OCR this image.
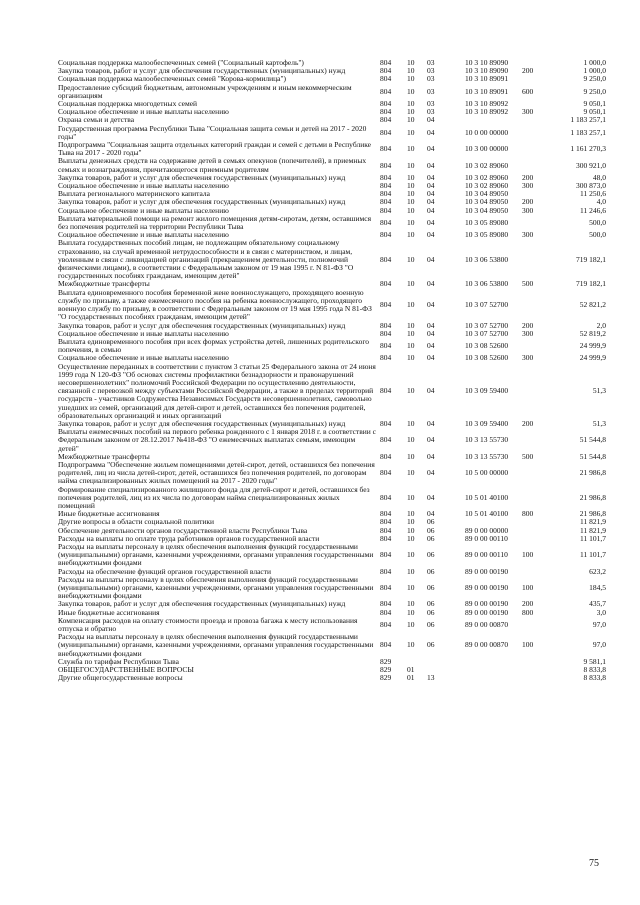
Социальная поддержка малообеспеченных семей ("Социальный картофель")	804	10	03	10 3 10 89090		1 000,0
Закупка товаров, работ и услуг для обеспечения государственных (муниципальных) нужд	804	10	03	10 3 10 89090	200	1 000,0
Социальная поддержка малообеспеченных семей "Корова-кормилица")	804	10	03	10 3 10 89091		9 250,0
Предоставление субсидий бюджетным, автономным учреждениям и иным некоммерческим организациям	804	10	03	10 3 10 89091	600	9 250,0
Социальная поддержка многодетных семей	804	10	03	10 3 10 89092		9 050,1
Социальное обеспечение и иные выплаты населению	804	10	03	10 3 10 89092	300	9 050,1
Охрана семьи и детства	804	10	04			1 183 257,1
Государственная программа Республики Тыва "Социальная защита семьи и детей на 2017 - 2020 годы"	804	10	04	10 0 00 00000		1 183 257,1
Подпрограмма "Социальная защита отдельных категорий граждан и семей с детьми в Республике Тыва на 2017 - 2020 годы"	804	10	04	10 3 00 00000		1 161 270,3
Выплаты денежных средств на содержание детей в семьях опекунов (попечителей), в приемных семьях и вознаграждения, причитающегося приемным родителям	804	10	04	10 3 02 89060		300 921,0
Закупка товаров, работ и услуг для обеспечения государственных (муниципальных) нужд	804	10	04	10 3 02 89060	200	48,0
Социальное обеспечение и иные выплаты населению	804	10	04	10 3 02 89060	300	300 873,0
Выплата регионального материнского капитала	804	10	04	10 3 04 89050		11 250,6
Закупка товаров, работ и услуг для обеспечения государственных (муниципальных) нужд	804	10	04	10 3 04 89050	200	4,0
Социальное обеспечение и иные выплаты населению	804	10	04	10 3 04 89050	300	11 246,6
Выплата материальной помощи на ремонт жилого помещения детям-сиротам, детям, оставшимся без попечения родителей на территории Республики Тыва	804	10	04	10 3 05 89080		500,0
Социальное обеспечение и иные выплаты населению	804	10	04	10 3 05 89080	300	500,0
Выплата государственных пособий лицам, не подлежащим обязательному социальному страхованию, на случай временной нетрудоспособности и в связи с материнством, и лицам, уволенным в связи с ликвидацией организаций (прекращением деятельности, полномочий физическими лицами), в соответствии с Федеральным законом от 19 мая 1995 г. N 81-ФЗ "О государственных пособиях гражданам, имеющим детей"	804	10	04	10 3 06 53800		719 182,1
Межбюджетные трансферты	804	10	04	10 3 06 53800	500	719 182,1
Выплата единовременного пособия беременной жене военнослужащего, проходящего военную службу по призыву, а также ежемесячного пособия на ребенка военнослужащего, проходящего военную службу по призыву, в соответствии с Федеральным законом от 19 мая 1995 года N 81-ФЗ "О государственных пособиях гражданам, имеющим детей"	804	10	04	10 3 07 52700		52 821,2
Закупка товаров, работ и услуг для обеспечения государственных (муниципальных) нужд	804	10	04	10 3 07 52700	200	2,0
Социальное обеспечение и иные выплаты населению	804	10	04	10 3 07 52700	300	52 819,2
Выплата единовременного пособия при всех формах устройства детей, лишенных родительского попечения, в семью	804	10	04	10 3 08 52600		24 999,9
Социальное обеспечение и иные выплаты населению	804	10	04	10 3 08 52600	300	24 999,9
Осуществление переданных в соответствии с пунктом 3 статьи 25 Федерального закона от 24 июня 1999 года N 120-ФЗ "Об основах системы профилактики безнадзорности и правонарушений несовершеннолетних" полномочий Российской Федерации по осуществлению деятельности, связанной с перевозкой между субъектами Российской Федерации, а также в пределах территорий государств - участников Содружества Независимых Государств несовершеннолетних, самовольно ушедших из семей, организаций для детей-сирот и детей, оставшихся без попечения родителей, образовательных организаций и иных организаций	804	10	04	10 3 09 59400		51,3
Закупка товаров, работ и услуг для обеспечения государственных (муниципальных) нужд	804	10	04	10 3 09 59400	200	51,3
Выплаты ежемесячных пособий на первого ребенка рожденного с 1 января 2018 г. в соответствии с Федеральным законом от 28.12.2017 №418-ФЗ "О ежемесячных выплатах семьям, имеющим детей"	804	10	04	10 3 13 55730		51 544,8
Межбюджетные трансферты	804	10	04	10 3 13 55730	500	51 544,8
Подпрограмма "Обеспечение жильем помещениями детей-сирот, детей, оставшихся без попечения родителей, лиц из числа детей-сирот, детей, оставшихся без попечения родителей, по договорам найма специализированных жилых помещений на 2017 - 2020 годы"	804	10	04	10 5 00 00000		21 986,8
Формирование специализированного жилищного фонда для детей-сирот и детей, оставшихся без попечения родителей, лиц из их числа по договорам найма специализированных жилых помещений	804	10	04	10 5 01 40100		21 986,8
Иные бюджетные ассигнования	804	10	04	10 5 01 40100	800	21 986,8
Другие вопросы в области социальной политики	804	10	06			11 821,9
Обеспечение деятельности органов государственной власти Республики Тыва	804	10	06	89 0 00 00000		11 821,9
Расходы на выплаты по оплате труда работников органов государственной власти	804	10	06	89 0 00 00110		11 101,7
Расходы на выплаты персоналу в целях обеспечения выполнения функций государственными (муниципальными) органами, казенными учреждениями, органами управления государственными внебюджетными фондами	804	10	06	89 0 00 00110	100	11 101,7
Расходы на обеспечение функций органов государственной власти	804	10	06	89 0 00 00190		623,2
Расходы на выплаты персоналу в целях обеспечения выполнения функций государственными (муниципальными) органами, казенными учреждениями, органами управления государственными внебюджетными фондами	804	10	06	89 0 00 00190	100	184,5
Закупка товаров, работ и услуг для обеспечения государственных (муниципальных) нужд	804	10	06	89 0 00 00190	200	435,7
Иные бюджетные ассигнования	804	10	06	89 0 00 00190	800	3,0
Компенсация расходов на оплату стоимости проезда и провоза багажа к месту использования отпуска и обратно	804	10	06	89 0 00 00870		97,0
Расходы на выплаты персоналу в целях обеспечения выполнения функций государственными (муниципальными) органами, казенными учреждениями, органами управления государственными внебюджетными фондами	804	10	06	89 0 00 00870	100	97,0
Служба по тарифам Республики Тыва	829					9 581,1
ОБЩЕГОСУДАРСТВЕННЫЕ ВОПРОСЫ	829	01				8 833,8
Другие общегосударственные вопросы	829	01	13			8 833,8
75
